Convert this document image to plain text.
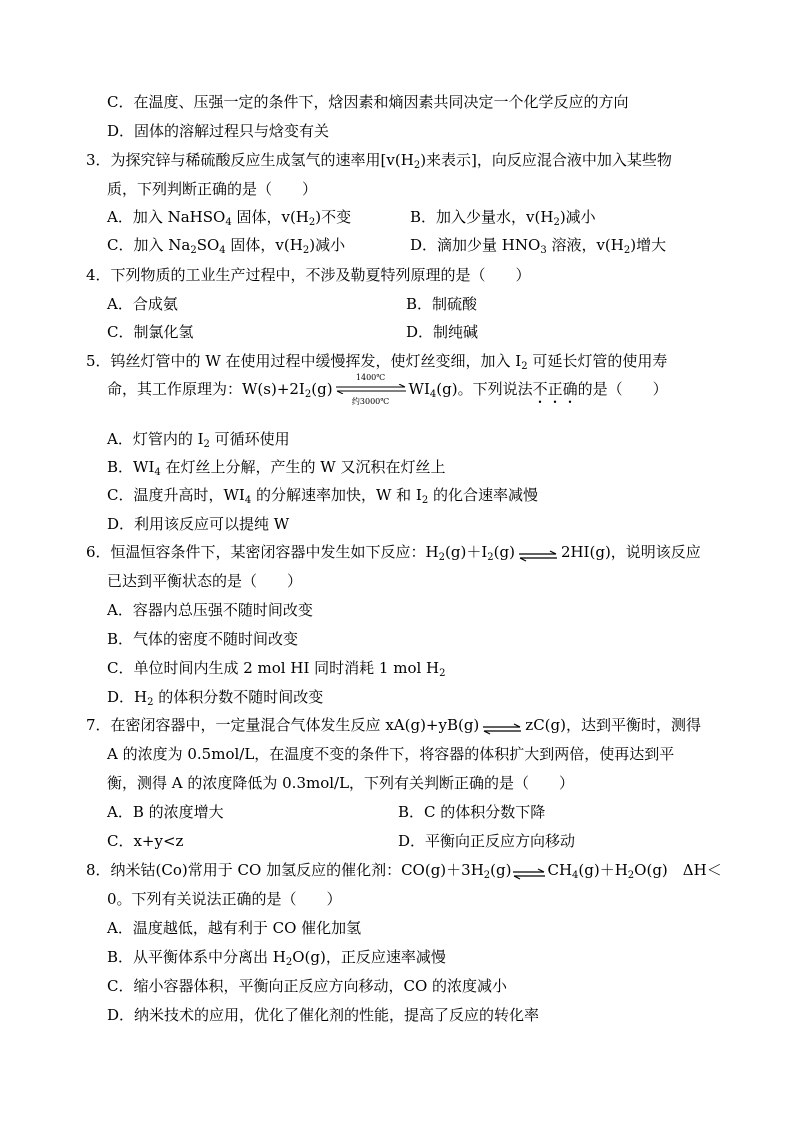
C．在温度、压强一定的条件下，焓因素和熵因素共同决定一个化学反应的方向
D．固体的溶解过程只与焓变有关
3．为探究锌与稀硫酸反应生成氢气的速率用[$v(H_2)$来表示]，向反应混合液中加入某些物
质，下列判断正确的是（　　）
A．加入 NaHSO$_4$ 固体，$v(H_2)$不变	B．加入少量水，$v(H_2)$减小
C．加入 $Na_2SO_4$ 固体，$v(H_2)$减小	D．滴加少量 $HNO_3$ 溶液，$v(H_2)$增大
4．下列物质的工业生产过程中，不涉及勒夏特列原理的是（　　）
A．合成氨	B．制硫酸
C．制氯化氢	D．制纯碱
5．钨丝灯管中的 W 在使用过程中缓慢挥发，使灯丝变细，加入 $I_2$ 可延长灯管的使用寿
命，其工作原理为：$W(s)+2I_2(g)$
1400℃
约3000℃
$WI_4(g)$。下列说法不正确的是（　　）
A．灯管内的 $I_2$ 可循环使用
B．$WI_4$ 在灯丝上分解，产生的 W 又沉积在灯丝上
C．温度升高时，$WI_4$ 的分解速率加快，W 和 $I_2$ 的化合速率减慢
D．利用该反应可以提纯 W
6．恒温恒容条件下，某密闭容器中发生如下反应：$H_2(g)+I_2(g)$ ⇌ 2HI(g)，说明该反应
已达到平衡状态的是（　　）
A．容器内总压强不随时间改变
B．气体的密度不随时间改变
C．单位时间内生成 2 mol HI 同时消耗 1 mol $H_2$
D．$H_2$ 的体积分数不随时间改变
7．在密闭容器中，一定量混合气体发生反应 xA(g)+yB(g) ⇌ zC(g)，达到平衡时，测得
A 的浓度为 0.5mol/L，在温度不变的条件下，将容器的体积扩大到两倍，使再达到平
衡，测得 A 的浓度降低为 0.3mol/L，下列有关判断正确的是（　　）
A．B 的浓度增大	B．C 的体积分数下降
C．x+y<z	D．平衡向正反应方向移动
8．纳米钴(Co)常用于 CO 加氢反应的催化剂：$CO(g)+3H_2(g)\rightleftharpoons CH_4(g)+H_2O(g)$　ΔH＜
0。下列有关说法正确的是（　　）
A．温度越低，越有利于 CO 催化加氢
B．从平衡体系中分离出 $H_2O(g)$，正反应速率减慢
C．缩小容器体积，平衡向正反应方向移动，CO 的浓度减小
D．纳米技术的应用，优化了催化剂的性能，提高了反应的转化率
